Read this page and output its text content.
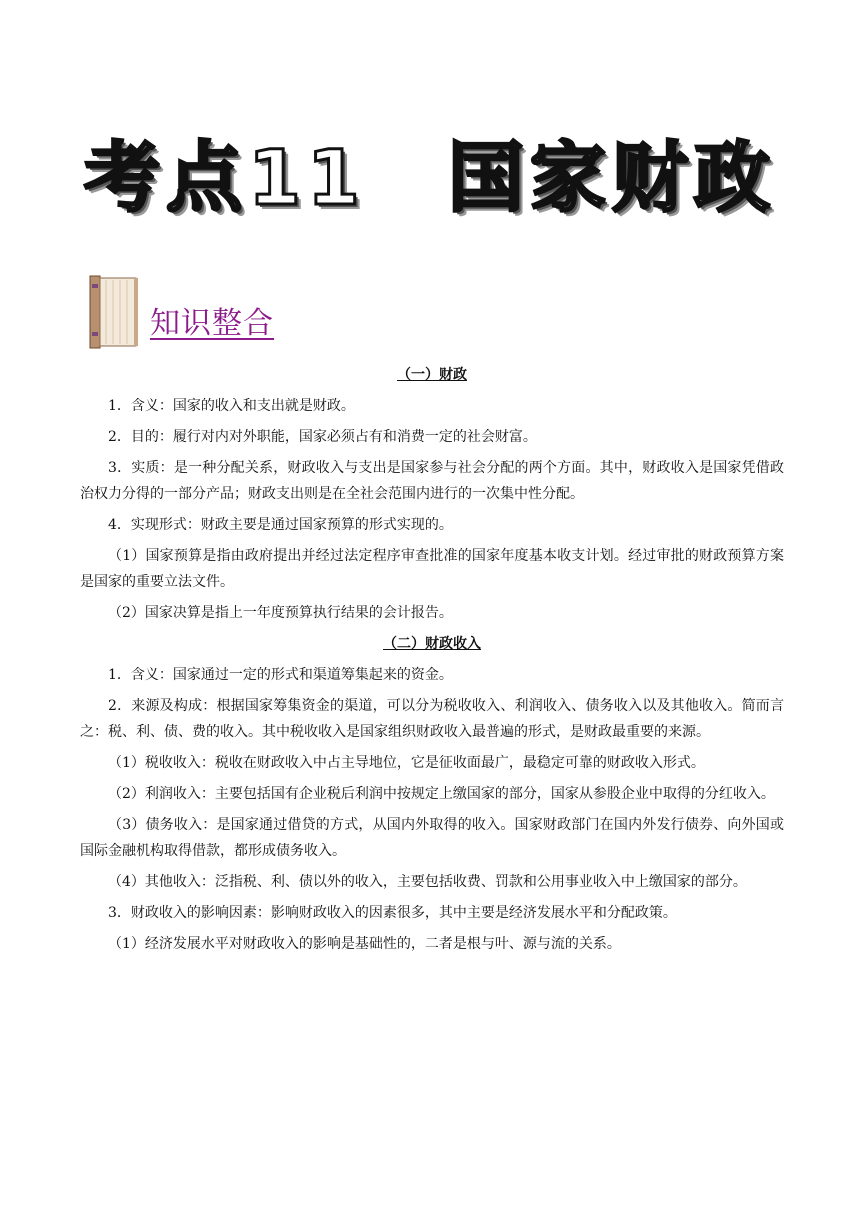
考点11　国家财政
知识整合
（一）财政
1．含义：国家的收入和支出就是财政。
2．目的：履行对内对外职能，国家必须占有和消费一定的社会财富。
3．实质：是一种分配关系，财政收入与支出是国家参与社会分配的两个方面。其中，财政收入是国家凭借政治权力分得的一部分产品；财政支出则是在全社会范围内进行的一次集中性分配。
4．实现形式：财政主要是通过国家预算的形式实现的。
（1）国家预算是指由政府提出并经过法定程序审查批准的国家年度基本收支计划。经过审批的财政预算方案是国家的重要立法文件。
（2）国家决算是指上一年度预算执行结果的会计报告。
（二）财政收入
1．含义：国家通过一定的形式和渠道筹集起来的资金。
2．来源及构成：根据国家筹集资金的渠道，可以分为税收收入、利润收入、债务收入以及其他收入。简而言之：税、利、债、费的收入。其中税收收入是国家组织财政收入最普遍的形式，是财政最重要的来源。
（1）税收收入：税收在财政收入中占主导地位，它是征收面最广，最稳定可靠的财政收入形式。
（2）利润收入：主要包括国有企业税后利润中按规定上缴国家的部分，国家从参股企业中取得的分红收入。
（3）债务收入：是国家通过借贷的方式，从国内外取得的收入。国家财政部门在国内外发行债券、向外国或国际金融机构取得借款，都形成债务收入。
（4）其他收入：泛指税、利、债以外的收入，主要包括收费、罚款和公用事业收入中上缴国家的部分。
3．财政收入的影响因素：影响财政收入的因素很多，其中主要是经济发展水平和分配政策。
（1）经济发展水平对财政收入的影响是基础性的，二者是根与叶、源与流的关系。
